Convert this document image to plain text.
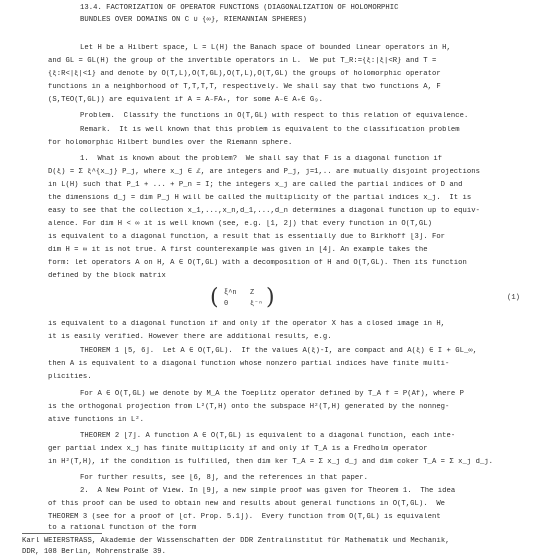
13.4. FACTORIZATION OF OPERATOR FUNCTIONS (DIAGONALIZATION OF HOLOMORPHIC
BUNDLES OVER DOMAINS ON Ĉ ∪ {∞}, RIEMANNIAN SPHERES)
Let H be a Hilbert space, L = L(H) the Banach space of bounded linear operators in H,
and GL = GL(H) the group of the invertible operators in L.  We put T_R:={ξ:|ξ|<R} and T =
{ξ:R<|ξ|<1} and denote by O(T,L),O(T,GL),O(T̄,L),O(T̄,GL) the groups of holomorphic operator
functions in a neighborhood of T,T,T̄,T̄, respectively. We shall say that two functions A, F
(S,T∈O(T,GL)) are equivalent if A = A₋FA₊, for some A₋∈ A₊∈ G₉.
Problem.  Classify the functions in O(T,GL) with respect to this relation of equivalence.
Remark.  It is well known that this problem is equivalent to the classification problem
for holomorphic Hilbert bundles over the Riemann sphere.
1.  What is known about the problem?  We shall say that F is a diagonal function if
D(ξ) = Σ ξ^{x_j} P_j, where x_j ∈ ℤ, are integers and P_j, j=1,.. are mutually disjoint projections
in L(H) such that P_1 + ... + P_n = I; the integers x_j are called the partial indices of D and
the dimensions d_j = dim P_j H will be called the multiplicity of the partial indices x_j.  It is
easy to see that the collection x_1,...,x_n,d_1,...,d_n determines a diagonal function up to equiv-
alence. For dim H < ∞ it is well known (see, e.g. [1, 2]) that every function in O(T,GL)
is equivalent to a diagonal function, a result that is essentially due to Birkhoff [3]. For
dim H = ∞ it is not true. A first counterexample was given in [4]. An example takes the
form: let operators A on H, A ∈ O(T,GL) with a decomposition of H and O(T,GL). Then its function
defined by the block matrix
( ξ^n Z
0	ξ⁻ⁿ )	(1)
is equivalent to a diagonal function if and only if the operator X has a closed image in H,
it is easily verified. However there are additional results, e.g.
THEOREM 1 [5, 6].  Let A ∈ O(T,GL).  If the values A(ξ)-I, are compact and A(ξ) ∈ I + GL_∞,
then A is equivalent to a diagonal function whose nonzero partial indices have finite multi-
plicities.
For A ∈ O(T,GL) we denote by M_A the Toeplitz operator defined by T_A f = P(Af), where P
is the orthogonal projection from L²(T,H) onto the subspace H²(T,H) generated by the nonneg-
ative functions in L².
THEOREM 2 [7]. A function A ∈ O(T,GL) is equivalent to a diagonal function, each inte-
ger partial index x_j has finite multiplicity if and only if T_A is a Fredholm operator
in H²(T,H), if the condition is fulfilled, then dim ker T_A = Σ x_j d_j and dim coker T_A = Σ x_j d_j.
For further results, see [6, 8], and the references in that paper.
2.  A New Point of View. In [9], a new simple proof was given for Theorem 1.  The idea
of this proof can be used to obtain new and results about general functions in O(T,GL).  We
THEOREM 3 (see for a proof of [cf. Prop. 5.1]).  Every function from O(T,GL) is equivalent
to a rational function of the form
Karl WEIERSTRASS, Akademie der Wissenschaften der DDR Zentralinstitut für Mathematik und Mechanik,
DDR, 108 Berlin, Mohrenstraße 39.
